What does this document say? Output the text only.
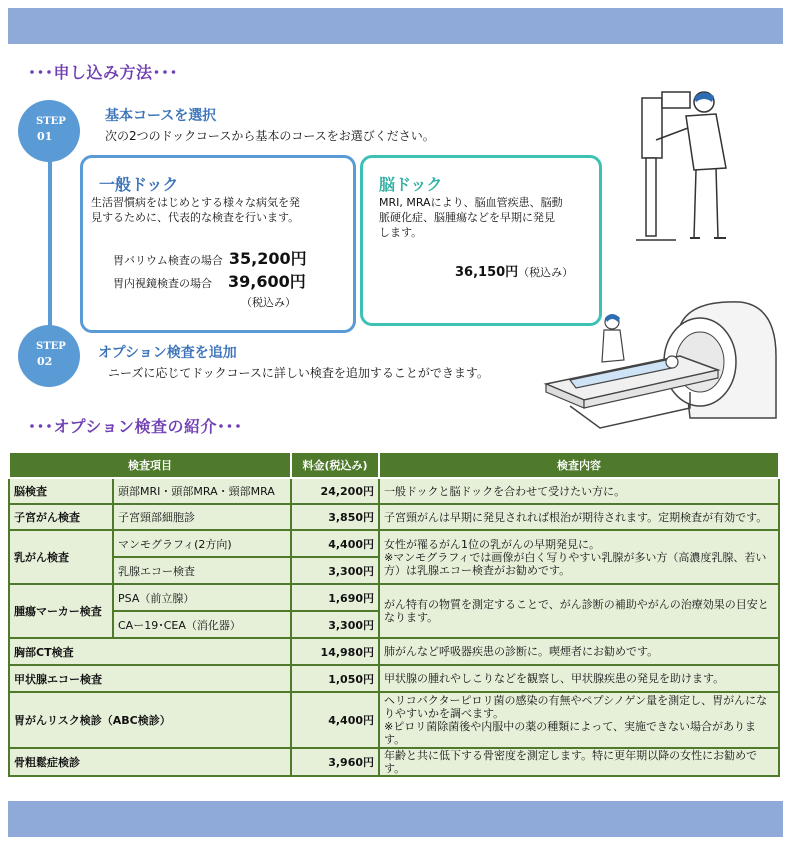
･･･申し込み方法･･･
STEP
01
基本コースを選択
次の2つのドックコースから基本のコースをお選びください。
一般ドック
生活習慣病をはじめとする様々な病気を発
見するために、代表的な検査を行います。
胃バリウム検査の場合 35,200円
胃内視鏡検査の場合 39,600円
（税込み）
脳ドック
MRI, MRAにより、脳血管疾患、脳動
脈硬化症、脳腫瘍などを早期に発見
します。
36,150円（税込み）
STEP
02
オプション検査を追加
ニーズに応じてドックコースに詳しい検査を追加することができます。
･･･オプション検査の紹介･･･
検査項目		料金(税込み)	検査内容
脳検査	頭部MRI・頭部MRA・頸部MRA	24,200円	一般ドックと脳ドックを合わせて受けたい方に。
子宮がん検査	子宮頸部細胞診	3,850円	子宮頸がんは早期に発見されれば根治が期待されます。定期検査が有効です。
乳がん検査	マンモグラフィ(2方向)	4,400円	女性が罹るがん1位の乳がんの早期発見に。
※マンモグラフィでは画像が白く写りやすい乳腺が多い方（高濃度乳腺、若い方）は乳腺エコー検査がお勧めです。

	乳腺エコー検査	3,300円	
腫瘍マーカー検査	PSA（前立腺）	1,690円	がん特有の物質を測定することで、がん診断の補助やがんの治療効果の目安となります。
	CAー19･CEA（消化器）	3,300円	
胸部CT検査		14,980円	肺がんなど呼吸器疾患の診断に。喫煙者にお勧めです。
甲状腺エコー検査		1,050円	甲状腺の腫れやしこりなどを観察し、甲状腺疾患の発見を助けます。
胃がんリスク検診（ABC検診）		4,400円	ヘリコバクターピロリ菌の感染の有無やペプシノゲン量を測定し、胃がんになりやすいかを調べます。
※ピロリ菌除菌後や内服中の薬の種類によって、実施できない場合があります。

骨粗鬆症検診		3,960円	年齢と共に低下する骨密度を測定します。特に更年期以降の女性にお勧めです。
